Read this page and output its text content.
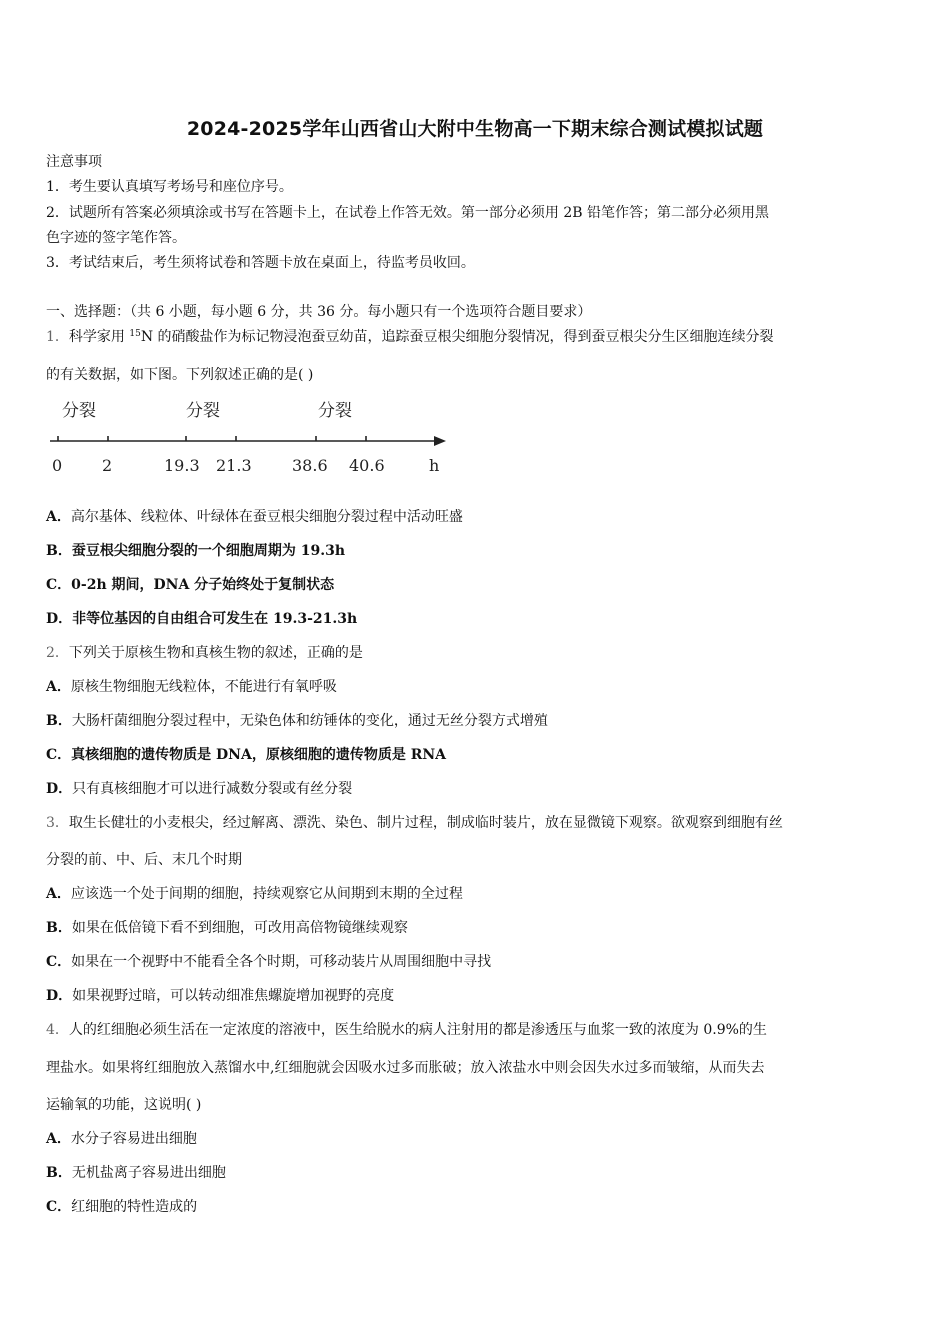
2024-2025学年山西省山大附中生物高一下期末综合测试模拟试题
注意事项
1．考生要认真填写考场号和座位序号。
2．试题所有答案必须填涂或书写在答题卡上，在试卷上作答无效。第一部分必须用 2B 铅笔作答；第二部分必须用黑
色字迹的签字笔作答。
3．考试结束后，考生须将试卷和答题卡放在桌面上，待监考员收回。
一、选择题：（共 6 小题，每小题 6 分，共 36 分。每小题只有一个选项符合题目要求）
1．科学家用 $^{15}$N 的硝酸盐作为标记物浸泡蚕豆幼苗，追踪蚕豆根尖细胞分裂情况，得到蚕豆根尖分生区细胞连续分裂
的有关数据，如下图。下列叙述正确的是( )
分裂	分裂	分裂
0 2	19.3 21.3	38.6 40.6	h
A．高尔基体、线粒体、叶绿体在蚕豆根尖细胞分裂过程中活动旺盛
B．蚕豆根尖细胞分裂的一个细胞周期为 19.3h
C．0-2h 期间，DNA 分子始终处于复制状态
D．非等位基因的自由组合可发生在 19.3-21.3h
2．下列关于原核生物和真核生物的叙述，正确的是
A．原核生物细胞无线粒体，不能进行有氧呼吸
B．大肠杆菌细胞分裂过程中，无染色体和纺锤体的变化，通过无丝分裂方式增殖
C．真核细胞的遗传物质是 DNA，原核细胞的遗传物质是 RNA
D．只有真核细胞才可以进行减数分裂或有丝分裂
3．取生长健壮的小麦根尖，经过解离、漂洗、染色、制片过程，制成临时装片，放在显微镜下观察。欲观察到细胞有丝
分裂的前、中、后、末几个时期
A．应该选一个处于间期的细胞，持续观察它从间期到末期的全过程
B．如果在低倍镜下看不到细胞，可改用高倍物镜继续观察
C．如果在一个视野中不能看全各个时期，可移动装片从周围细胞中寻找
D．如果视野过暗，可以转动细准焦螺旋增加视野的亮度
4．人的红细胞必须生活在一定浓度的溶液中，医生给脱水的病人注射用的都是渗透压与血浆一致的浓度为 0.9%的生
理盐水。如果将红细胞放入蒸馏水中,红细胞就会因吸水过多而胀破；放入浓盐水中则会因失水过多而皱缩，从而失去
运输氧的功能，这说明( )
A．水分子容易进出细胞
B．无机盐离子容易进出细胞
C．红细胞的特性造成的
